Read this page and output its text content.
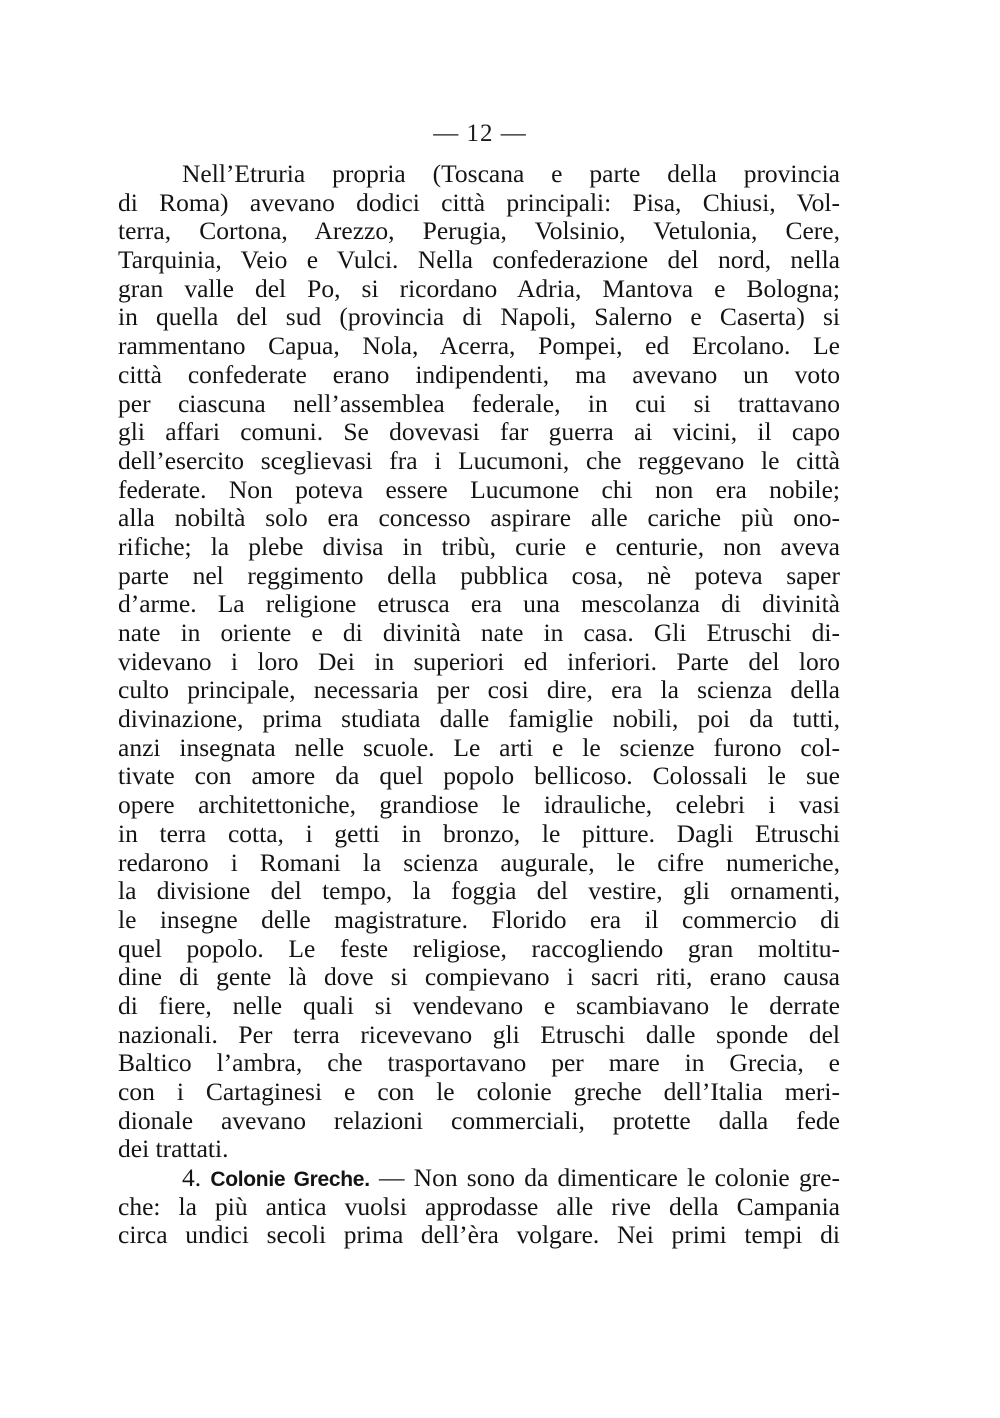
— 12 —
Nell’Etruria propria (Toscana e parte della provincia
di Roma) avevano dodici città principali: Pisa, Chiusi, Vol-
terra, Cortona, Arezzo, Perugia, Volsinio, Vetulonia, Cere,
Tarquinia, Veio e Vulci. Nella confederazione del nord, nella
gran valle del Po, si ricordano Adria, Mantova e Bologna;
in quella del sud (provincia di Napoli, Salerno e Caserta) si
rammentano Capua, Nola, Acerra, Pompei, ed Ercolano. Le
città confederate erano indipendenti, ma avevano un voto
per ciascuna nell’assemblea federale, in cui si trattavano
gli affari comuni. Se dovevasi far guerra ai vicini, il capo
dell’esercito sceglievasi fra i Lucumoni, che reggevano le città
federate. Non poteva essere Lucumone chi non era nobile;
alla nobiltà solo era concesso aspirare alle cariche più ono-
rifiche; la plebe divisa in tribù, curie e centurie, non aveva
parte nel reggimento della pubblica cosa, nè poteva saper
d’arme. La religione etrusca era una mescolanza di divinità
nate in oriente e di divinità nate in casa. Gli Etruschi di-
videvano i loro Dei in superiori ed inferiori. Parte del loro
culto principale, necessaria per cosi dire, era la scienza della
divinazione, prima studiata dalle famiglie nobili, poi da tutti,
anzi insegnata nelle scuole. Le arti e le scienze furono col-
tivate con amore da quel popolo bellicoso. Colossali le sue
opere architettoniche, grandiose le idrauliche, celebri i vasi
in terra cotta, i getti in bronzo, le pitture. Dagli Etruschi
redarono i Romani la scienza augurale, le cifre numeriche,
la divisione del tempo, la foggia del vestire, gli ornamenti,
le insegne delle magistrature. Florido era il commercio di
quel popolo. Le feste religiose, raccogliendo gran moltitu-
dine di gente là dove si compievano i sacri riti, erano causa
di fiere, nelle quali si vendevano e scambiavano le derrate
nazionali. Per terra ricevevano gli Etruschi dalle sponde del
Baltico l’ambra, che trasportavano per mare in Grecia, e
con i Cartaginesi e con le colonie greche dell’Italia meri-
dionale avevano relazioni commerciali, protette dalla fede
dei trattati.
4. Colonie Greche. — Non sono da dimenticare le colonie gre-
che: la più antica vuolsi approdasse alle rive della Campania
circa undici secoli prima dell’èra volgare. Nei primi tempi di
